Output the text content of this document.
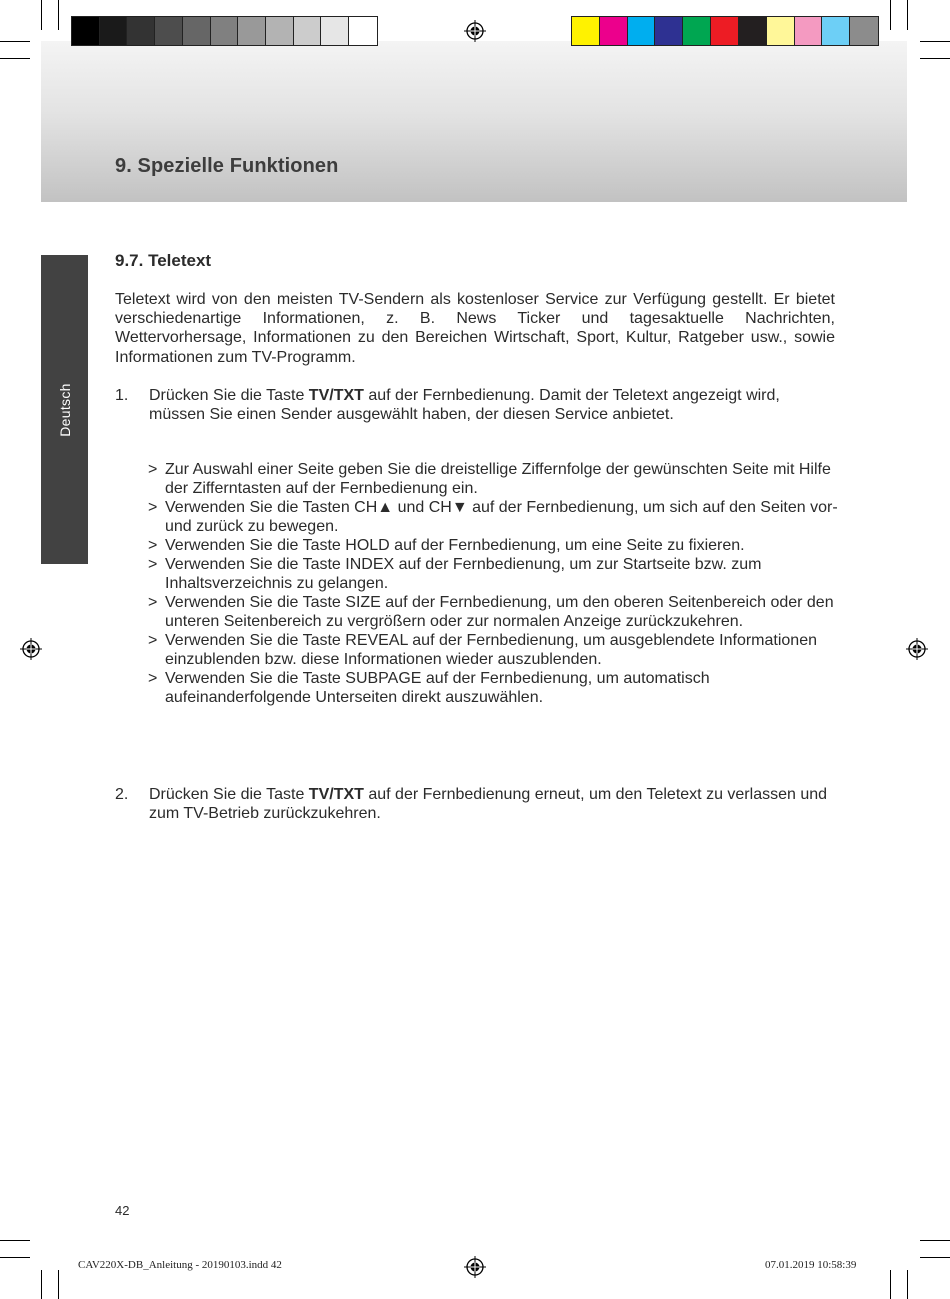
9. Spezielle Funktionen
Deutsch
9.7. Teletext
Teletext wird von den meisten TV-Sendern als kostenloser Service zur Verfügung gestellt. Er bietet verschiedenartige Informationen, z. B. News Ticker und tagesaktuelle Nachrichten, Wettervorhersage, Informationen zu den Bereichen Wirtschaft, Sport, Kultur, Ratgeber usw., sowie Informationen zum TV-Programm.
1. Drücken Sie die Taste TV/TXT auf der Fernbedienung. Damit der Teletext angezeigt wird, müssen Sie einen Sender ausgewählt haben, der diesen Service anbietet.
> Zur Auswahl einer Seite geben Sie die dreistellige Ziffernfolge der gewünschten Seite mit Hilfe der Zifferntasten auf der Fernbedienung ein.
> Verwenden Sie die Tasten CH▲ und CH▼ auf der Fernbedienung, um sich auf den Seiten vor- und zurück zu bewegen.
> Verwenden Sie die Taste HOLD auf der Fernbedienung, um eine Seite zu fixieren.
> Verwenden Sie die Taste INDEX auf der Fernbedienung, um zur Startseite bzw. zum Inhaltsverzeichnis zu gelangen.
> Verwenden Sie die Taste SIZE auf der Fernbedienung, um den oberen Seitenbereich oder den unteren Seitenbereich zu vergrößern oder zur normalen Anzeige zurückzukehren.
> Verwenden Sie die Taste REVEAL auf der Fernbedienung, um ausgeblendete Informationen einzublenden bzw. diese Informationen wieder auszublenden.
> Verwenden Sie die Taste SUBPAGE auf der Fernbedienung, um automatisch aufeinanderfolgende Unterseiten direkt auszuwählen.
2. Drücken Sie die Taste TV/TXT auf der Fernbedienung erneut, um den Teletext zu verlassen und zum TV-Betrieb zurückzukehren.
42
CAV220X-DB_Anleitung - 20190103.indd 42	07.01.2019 10:58:39
